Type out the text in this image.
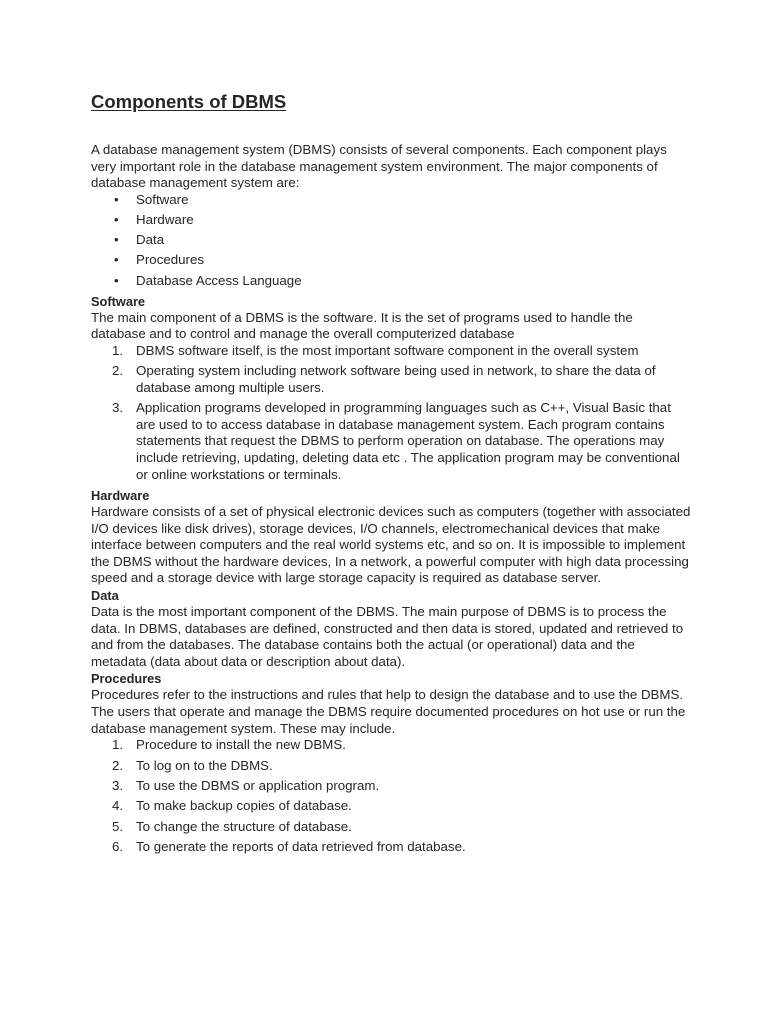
Components of DBMS

A database management system (DBMS) consists of several components. Each component plays very important role in the database management system environment. The major components of database management system are:

• Software
• Hardware
• Data
• Procedures
• Database Access Language
Software

The main component of a DBMS is the software. It is the set of programs used to handle the database and to control and manage the overall computerized database

1. DBMS software itself, is the most important software component in the overall system
2. Operating system including network software being used in network, to share the data of database among multiple users.
3. Application programs developed in programming languages such as C++, Visual Basic that are used to to access database in database management system. Each program contains statements that request the DBMS to perform operation on database. The operations may include retrieving, updating, deleting data etc . The application program may be conventional or online workstations or terminals.
Hardware

Hardware consists of a set of physical electronic devices such as computers (together with associated I/O devices like disk drives), storage devices, I/O channels, electromechanical devices that make interface between computers and the real world systems etc, and so on. It is impossible to implement the DBMS without the hardware devices, In a network, a powerful computer with high data processing speed and a storage device with large storage capacity is required as database server.

Data

Data is the most important component of the DBMS. The main purpose of DBMS is to process the data. In DBMS, databases are defined, constructed and then data is stored, updated and retrieved to and from the databases. The database contains both the actual (or operational) data and the metadata (data about data or description about data).

Procedures

Procedures refer to the instructions and rules that help to design the database and to use the DBMS. The users that operate and manage the DBMS require documented procedures on hot use or run the database management system. These may include.

1. Procedure to install the new DBMS.
2. To log on to the DBMS.
3. To use the DBMS or application program.
4. To make backup copies of database.
5. To change the structure of database.
6. To generate the reports of data retrieved from database.
